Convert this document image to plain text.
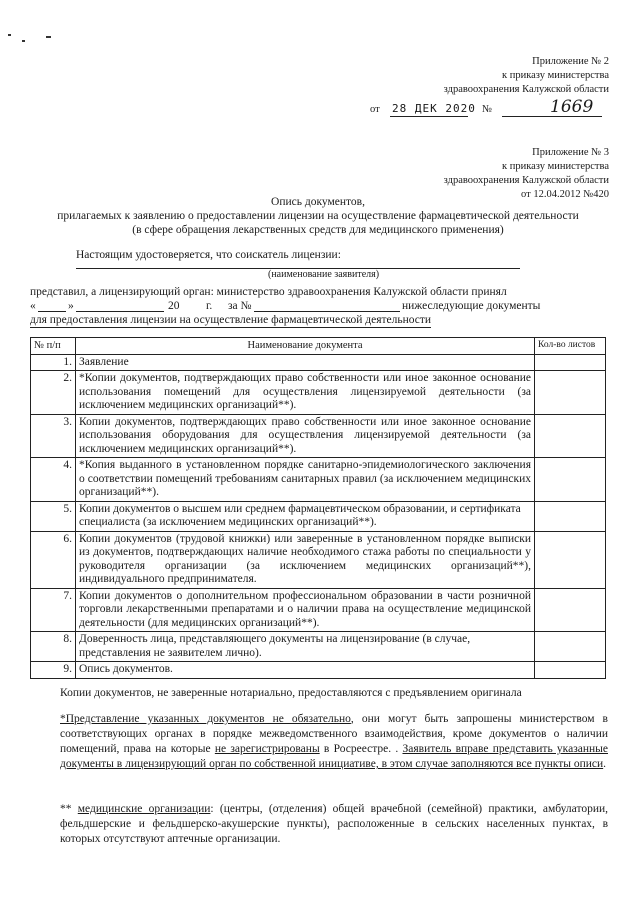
Приложение № 2
к приказу министерства
здравоохранения Калужской области
от 28 ДЕК 2020 №	1669
Приложение № 3
к приказу министерства
здравоохранения Калужской области
от 12.04.2012 №420
Опись документов,
прилагаемых к заявлению о предоставлении лицензии на осуществление фармацевтической деятельности
(в сфере обращения лекарственных средств для медицинского применения)
Настоящим удостоверяется, что соискатель лицензии:
(наименование заявителя)
представил, а лицензирующий орган: министерство здравоохранения Калужской области принял
«	»	20 г. за №	нижеследующие документы
для предоставления лицензии на осуществление фармацевтической деятельности
№ п/п	Наименование документа	Кол-во листов
1.	Заявление	
2.	*Копии документов, подтверждающих право собственности или иное законное основание использования помещений для осуществления лицензируемой деятельности (за исключением медицинских организаций**).	
3.	Копии документов, подтверждающих право собственности или иное законное основание использования оборудования для осуществления лицензируемой деятельности (за исключением медицинских организаций**).	
4.	*Копия выданного в установленном порядке санитарно-эпидемиологического заключения о соответствии помещений требованиям санитарных правил (за исключением медицинских организаций**).	
5.	Копии документов о высшем или среднем фармацевтическом образовании, и сертификата специалиста (за исключением медицинских организаций**).	
6.	Копии документов (трудовой книжки) или заверенные в установленном порядке выписки из документов, подтверждающих наличие необходимого стажа работы по специальности у руководителя организации (за исключением медицинских организаций**), индивидуального предпринимателя.	
7.	Копии документов о дополнительном профессиональном образовании в части розничной торговли лекарственными препаратами и о наличии права на осуществление медицинской деятельности (для медицинских организаций**).	
8.	Доверенность лица, представляющего документы на лицензирование (в случае, представления не заявителем лично).	
9.	Опись документов.	
Копии документов, не заверенные нотариально, предоставляются с предъявлением оригинала
*Представление указанных документов не обязательно, они могут быть запрошены министерством в соответствующих органах в порядке межведомственного взаимодействия, кроме документов о наличии помещений, права на которые не зарегистрированы в Росреестре. . Заявитель вправе представить указанные документы в лицензирующий орган по собственной инициативе, в этом случае заполняются все пункты описи.
** медицинские организации: (центры, (отделения) общей врачебной (семейной) практики, амбулатории, фельдшерские и фельдшерско-акушерские пункты), расположенные в сельских населенных пунктах, в которых отсутствуют аптечные организации.
